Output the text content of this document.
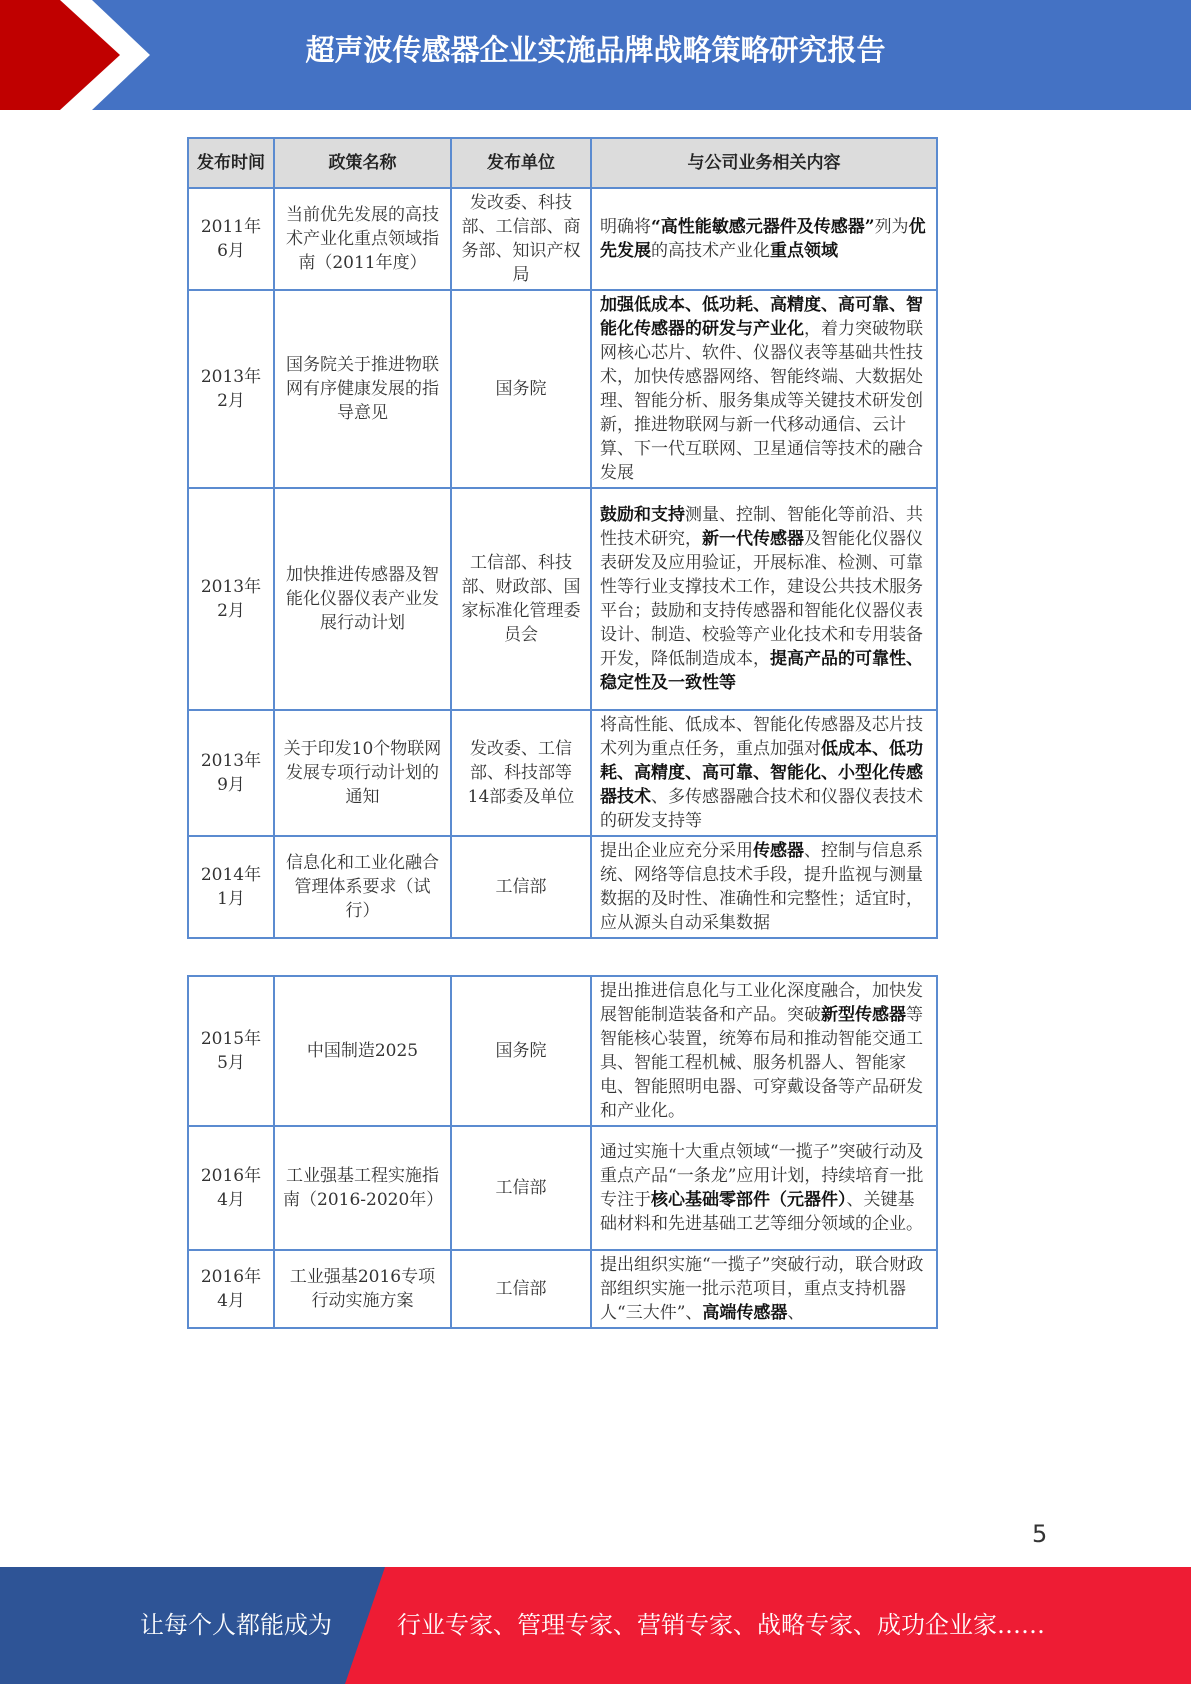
超声波传感器企业实施品牌战略策略研究报告
发布时间	政策名称	发布单位	与公司业务相关内容
2011年6月	当前优先发展的高技术产业化重点领域指南（2011年度）	发改委、科技部、工信部、商务部、知识产权局	明确将“高性能敏感元器件及传感器”列为优先发展的高技术产业化重点领域
2013年2月	国务院关于推进物联网有序健康发展的指导意见	国务院	加强低成本、低功耗、高精度、高可靠、智能化传感器的研发与产业化，着力突破物联网核心芯片、软件、仪器仪表等基础共性技术，加快传感器网络、智能终端、大数据处理、智能分析、服务集成等关键技术研发创新，推进物联网与新一代移动通信、云计算、下一代互联网、卫星通信等技术的融合发展
2013年2月	加快推进传感器及智能化仪器仪表产业发展行动计划	工信部、科技部、财政部、国家标准化管理委员会	鼓励和支持测量、控制、智能化等前沿、共性技术研究，新一代传感器及智能化仪器仪表研发及应用验证，开展标准、检测、可靠性等行业支撑技术工作，建设公共技术服务平台；鼓励和支持传感器和智能化仪器仪表设计、制造、校验等产业化技术和专用装备开发，降低制造成本，提高产品的可靠性、稳定性及一致性等
2013年9月	关于印发10个物联网发展专项行动计划的通知	发改委、工信部、科技部等14部委及单位	将高性能、低成本、智能化传感器及芯片技术列为重点任务，重点加强对低成本、低功耗、高精度、高可靠、智能化、小型化传感器技术、多传感器融合技术和仪器仪表技术的研发支持等
2014年1月	信息化和工业化融合管理体系要求（试行）	工信部	提出企业应充分采用传感器、控制与信息系统、网络等信息技术手段，提升监视与测量数据的及时性、准确性和完整性；适宜时，应从源头自动采集数据
2015年5月	中国制造2025	国务院	提出推进信息化与工业化深度融合，加快发展智能制造装备和产品。突破新型传感器等智能核心装置，统筹布局和推动智能交通工具、智能工程机械、服务机器人、智能家电、智能照明电器、可穿戴设备等产品研发和产业化。
2016年4月	工业强基工程实施指南（2016-2020年）	工信部	通过实施十大重点领域“一揽子”突破行动及重点产品“一条龙”应用计划，持续培育一批专注于核心基础零部件（元器件）、关键基础材料和先进基础工艺等细分领域的企业。
2016年4月	工业强基2016专项行动实施方案	工信部	提出组织实施“一揽子”突破行动，联合财政部组织实施一批示范项目，重点支持机器人“三大件”、高端传感器、
5
让每个人都能成为	行业专家、管理专家、营销专家、战略专家、成功企业家……
